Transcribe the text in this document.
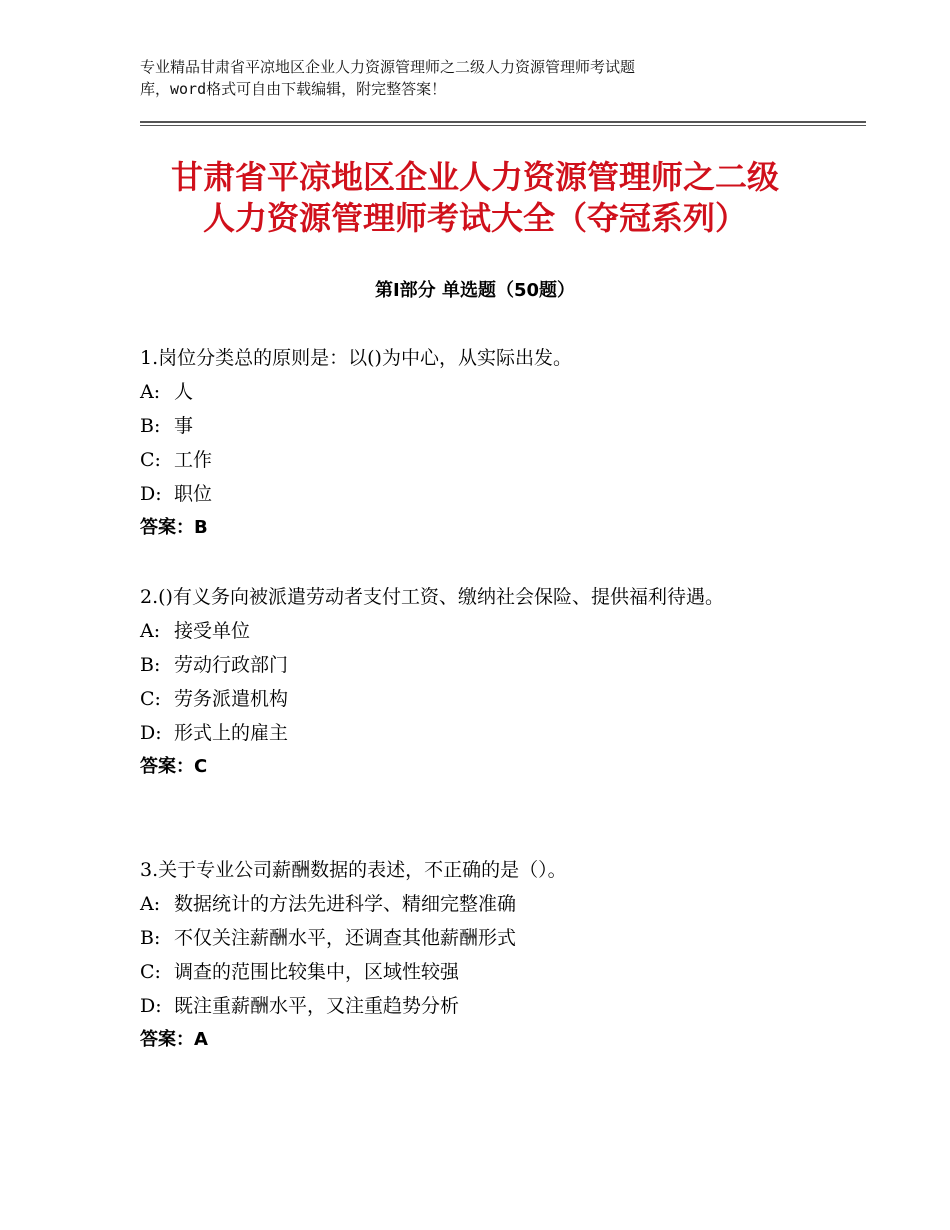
专业精品甘肃省平凉地区企业人力资源管理师之二级人力资源管理师考试题
库，word格式可自由下载编辑，附完整答案！
甘肃省平凉地区企业人力资源管理师之二级
人力资源管理师考试大全（夺冠系列）
第Ⅰ部分 单选题（50题）
1.岗位分类总的原则是：以()为中心，从实际出发。
A: 人
B: 事
C: 工作
D: 职位
答案：B
2.()有义务向被派遣劳动者支付工资、缴纳社会保险、提供福利待遇。
A: 接受单位
B: 劳动行政部门
C: 劳务派遣机构
D: 形式上的雇主
答案：C
3.关于专业公司薪酬数据的表述，不正确的是（）。
A: 数据统计的方法先进科学、精细完整准确
B: 不仅关注薪酬水平，还调查其他薪酬形式
C: 调查的范围比较集中，区域性较强
D: 既注重薪酬水平，又注重趋势分析
答案：A
